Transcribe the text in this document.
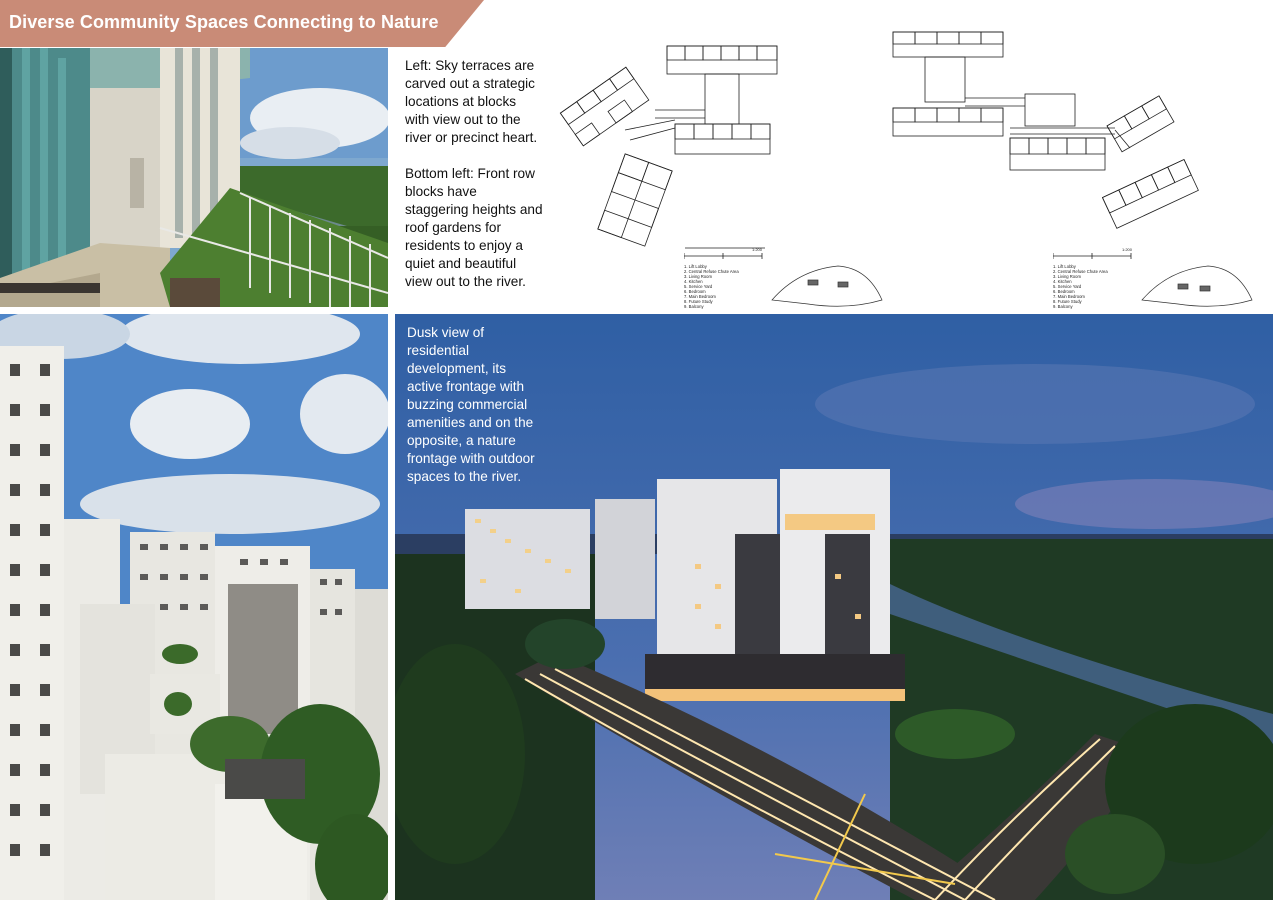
Diverse Community Spaces Connecting to Nature

Left: Sky terraces are carved out a strategic locations at blocks with view out to the river or precinct heart.

Bottom left: Front row blocks have staggering heights and roof gardens for residents to enjoy a quiet and beautiful view out to the river.

1:200
1. Lift Lobby
2. Central Refuse Chute Area
3. Living Room
4. Kitchen
5. Service Yard
6. Bedroom
7. Main Bedroom
8. Future Study
9. Balcony
1:200
1. Lift Lobby
2. Central Refuse Chute Area
3. Living Room
4. Kitchen
5. Service Yard
6. Bedroom
7. Main Bedroom
8. Future Study
9. Balcony
Dusk view of residential development, its active frontage with buzzing commercial amenities and on the opposite, a nature frontage with outdoor spaces to the river.
